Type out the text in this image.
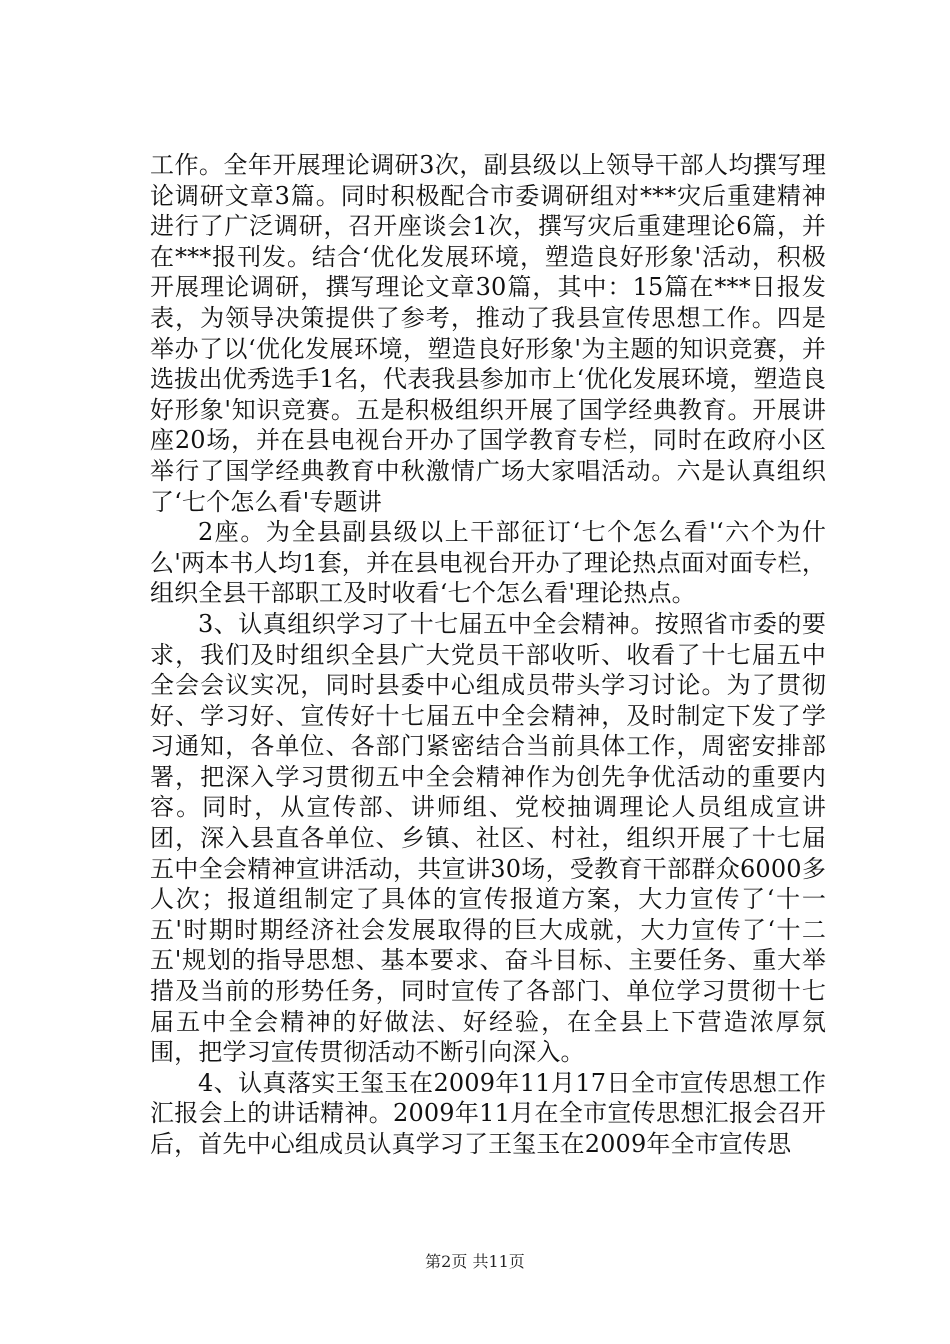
工作。全年开展理论调研3次，副县级以上领导干部人均撰写理论调研文章3篇。同时积极配合市委调研组对***灾后重建精神进行了广泛调研，召开座谈会1次，撰写灾后重建理论6篇，并在***报刊发。结合‘优化发展环境，塑造良好形象'活动，积极开展理论调研，撰写理论文章30篇，其中：15篇在***日报发表，为领导决策提供了参考，推动了我县宣传思想工作。四是举办了以‘优化发展环境，塑造良好形象'为主题的知识竞赛，并选拔出优秀选手1名，代表我县参加市上‘优化发展环境，塑造良好形象'知识竞赛。五是积极组织开展了国学经典教育。开展讲座20场，并在县电视台开办了国学教育专栏，同时在政府小区举行了国学经典教育中秋激情广场大家唱活动。六是认真组织了‘七个怎么看'专题讲

2座。为全县副县级以上干部征订‘七个怎么看'‘六个为什么'两本书人均1套，并在县电视台开办了理论热点面对面专栏，组织全县干部职工及时收看‘七个怎么看'理论热点。

3、认真组织学习了十七届五中全会精神。按照省市委的要求，我们及时组织全县广大党员干部收听、收看了十七届五中全会会议实况，同时县委中心组成员带头学习讨论。为了贯彻好、学习好、宣传好十七届五中全会精神，及时制定下发了学习通知，各单位、各部门紧密结合当前具体工作，周密安排部署，把深入学习贯彻五中全会精神作为创先争优活动的重要内容。同时，从宣传部、讲师组、党校抽调理论人员组成宣讲团，深入县直各单位、乡镇、社区、村社，组织开展了十七届五中全会精神宣讲活动，共宣讲30场，受教育干部群众6000多人次；报道组制定了具体的宣传报道方案，大力宣传了‘十一五'时期时期经济社会发展取得的巨大成就，大力宣传了‘十二五'规划的指导思想、基本要求、奋斗目标、主要任务、重大举措及当前的形势任务，同时宣传了各部门、单位学习贯彻十七届五中全会精神的好做法、好经验，在全县上下营造浓厚氛围，把学习宣传贯彻活动不断引向深入。

4、认真落实王玺玉在2009年11月17日全市宣传思想工作汇报会上的讲话精神。2009年11月在全市宣传思想汇报会召开后，首先中心组成员认真学习了王玺玉在2009年全市宣传思

第2页 共11页
